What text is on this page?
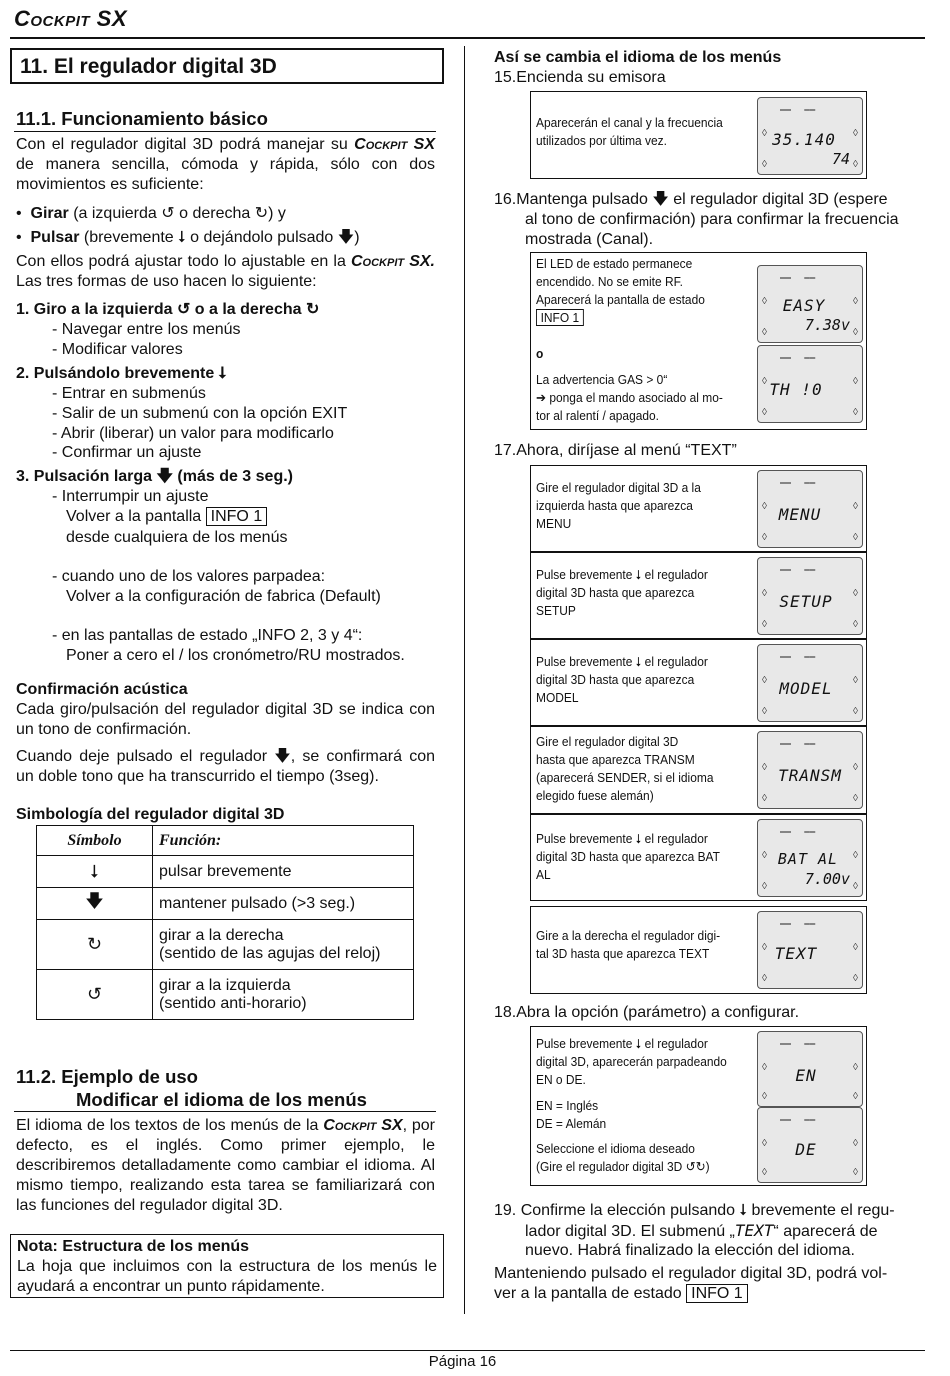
Cockpit SX
11. El regulador digital 3D
11.1. Funcionamiento básico
Con el regulador digital 3D podrá manejar su Cockpit SX de manera sencilla, cómoda y rápida, sólo con dos movimientos es suficiente:
•  Girar (a izquierda ↺ o derecha ↻) y
•  Pulsar (brevemente ⭣ o dejándolo pulsado 🡇)
Con ellos podrá ajustar todo lo ajustable en la Cockpit SX. Las tres formas de uso hacen lo siguiente:
1. Giro a la izquierda ↺ o a la derecha ↻
- Navegar entre los menús
- Modificar valores
2. Pulsándolo brevemente ⭣
- Entrar en submenús
- Salir de un submenú con la opción EXIT
- Abrir (liberar) un valor para modificarlo
- Confirmar un ajuste
3. Pulsación larga 🡇 (más de 3 seg.)
- Interrumpir un ajuste
Volver a la pantalla INFO 1
desde cualquiera de los menús
- cuando uno de los valores parpadea:
Volver a la configuración de fabrica (Default)
- en las pantallas de estado „INFO 2, 3 y 4“:
Poner a cero el / los cronómetro/RU mostrados.
Confirmación acústica
Cada giro/pulsación del regulador digital 3D se indica con un tono de confirmación.
Cuando deje pulsado el regulador 🡇, se confirmará con un doble tono que ha transcurrido el tiempo (3seg).
Simbología del regulador digital 3D
Símbolo	Función:
⭣	pulsar brevemente
🡇	mantener pulsado (>3 seg.)
↻	girar a la derecha
(sentido de las agujas del reloj)

↺	girar a la izquierda
(sentido anti-horario)
11.2. Ejemplo de uso
Modificar el idioma de los menús
El idioma de los textos de los menús de la Cockpit SX, por defecto, es el inglés. Como primer ejemplo, le describiremos detalladamente como cambiar el idioma. Al mismo tiempo, realizando esta tarea se familiarizará con las funciones del regulador digital 3D.
Nota: Estructura de los menús
La hoja que incluimos con la estructura de los menús le ayudará a encontrar un punto rápidamente.
Así se cambia el idioma de los menús
15.Encienda su emisora
Aparecerán el canal y la frecuencia
utilizados por última vez.
⎯⎯  ⎯⎯
35.140
74
◊	◊
◊	◊
16.Mantenga pulsado 🡇 el regulador digital 3D (espere
al tono de confirmación) para confirmar la frecuencia
mostrada (Canal).
El LED de estado permanece
encendido. No se emite RF.
Aparecerá la pantalla de estado
INFO 1
o
La advertencia GAS > 0“
➔ ponga el mando asociado al mo-
tor al ralentí / apagado.
⎯⎯  ⎯⎯
EASY
7.38v
◊	◊
◊	◊
⎯⎯  ⎯⎯
TH !0
◊	◊
◊	◊
17.Ahora, diríjase al menú “TEXT”
Gire el regulador digital 3D a la
izquierda hasta que aparezca
MENU
⎯⎯  ⎯⎯
MENU
◊	◊
◊	◊
Pulse brevemente ⭣ el regulador
digital 3D hasta que aparezca
SETUP
⎯⎯  ⎯⎯
SETUP
◊	◊
◊	◊
Pulse brevemente ⭣ el regulador
digital 3D hasta que aparezca
MODEL
⎯⎯  ⎯⎯
MODEL
◊	◊
◊	◊
Gire el regulador digital 3D
hasta que aparezca TRANSM
(aparecerá SENDER, si el idioma
elegido fuese alemán)
⎯⎯  ⎯⎯
TRANSM
◊	◊
◊	◊
Pulse brevemente ⭣ el regulador
digital 3D hasta que aparezca BAT
AL
⎯⎯  ⎯⎯
BAT AL
7.00v
◊	◊
◊	◊
Gire a la derecha el regulador digi-
tal 3D hasta que aparezca TEXT
⎯⎯  ⎯⎯
TEXT
◊	◊
◊	◊
18.Abra la opción (parámetro) a configurar.
Pulse brevemente ⭣ el regulador
digital 3D, aparecerán parpadeando
EN o DE.
EN = Inglés
DE = Alemán
Seleccione el idioma deseado
(Gire el regulador digital 3D ↺↻)
⎯⎯  ⎯⎯
EN
◊	◊
◊	◊
⎯⎯  ⎯⎯
DE
◊	◊
◊	◊
19. Confirme la elección pulsando ⭣ brevemente el regu-
lador digital 3D. El submenú „TEXT“ aparecerá de
nuevo. Habrá finalizado la elección del idioma.
Manteniendo pulsado el regulador digital 3D, podrá vol-
ver a la pantalla de estado INFO 1
Página 16
